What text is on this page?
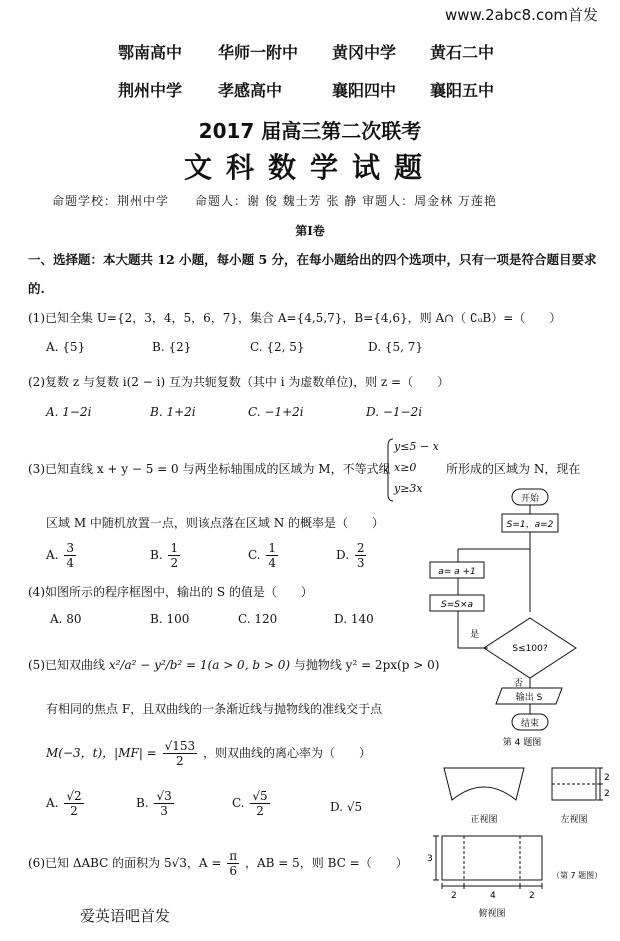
www.2abc8.com首发
鄂南高中 华师一附中 黄冈中学 黄石二中
荆州中学 孝感高中	襄阳四中 襄阳五中
2017 届高三第二次联考
文科数学试题
命题学校：荆州中学　　命题人：谢 俊 魏士芳 张 静 审题人：周金林 万莲艳
第Ⅰ卷
一、选择题：本大题共 12 小题，每小题 5 分，在每小题给出的四个选项中，只有一项是符合题目要求
的.
(1)已知全集 U={2，3，4，5，6，7}，集合 A={4,5,7}，B={4,6}，则 A∩（ ∁ᵤB）=（　　）
A. {5}	B. {2}	C. {2, 5}	D. {5, 7}
(2)复数 z 与复数 i(2 − i) 互为共轭复数（其中 i 为虚数单位)，则 z =（　　）
A. 1−2i	B. 1+2i	C. −1+2i	D. −1−2i
(3)已知直线 x + y − 5 = 0 与两坐标轴围成的区域为 M，不等式组
y≤5 − x
x≥0
y≥3x
所形成的区域为 N，现在
区域 M 中随机放置一点，则该点落在区域 N 的概率是（　　）
A. $\frac{3}{4}$	B. $\frac{1}{2}$	C. $\frac{1}{4}$	D. $\frac{2}{3}$
(4)如图所示的程序框图中，输出的 S 的值是（　　）
A. 80	B. 100	C. 120	D. 140
(5)已知双曲线 x²/a² − y²/b² = 1(a > 0, b > 0) 与抛物线 y² = 2px(p > 0)
有相同的焦点 F，且双曲线的一条渐近线与抛物线的准线交于点
M(−3，t)，$|MF| = \frac{√153}{2}$ ，则双曲线的离心率为（　　）
A. $\frac{√2}{2}$	B. $\frac{√3}{3}$	C. $\frac{√5}{2}$	D. √5
(6)已知 ΔABC 的面积为 5√3，$A = \frac{\pi}{6}$ ，AB = 5，则 BC =（　　）
开始
S=1，a=2
a= a +1
S=S×a
S≤100?
是
否
输出 S
结束
第 4 题图
2
2
3
2	4	2
正视图	左视图
俯视图
（第 7 题图）
爱英语吧首发
